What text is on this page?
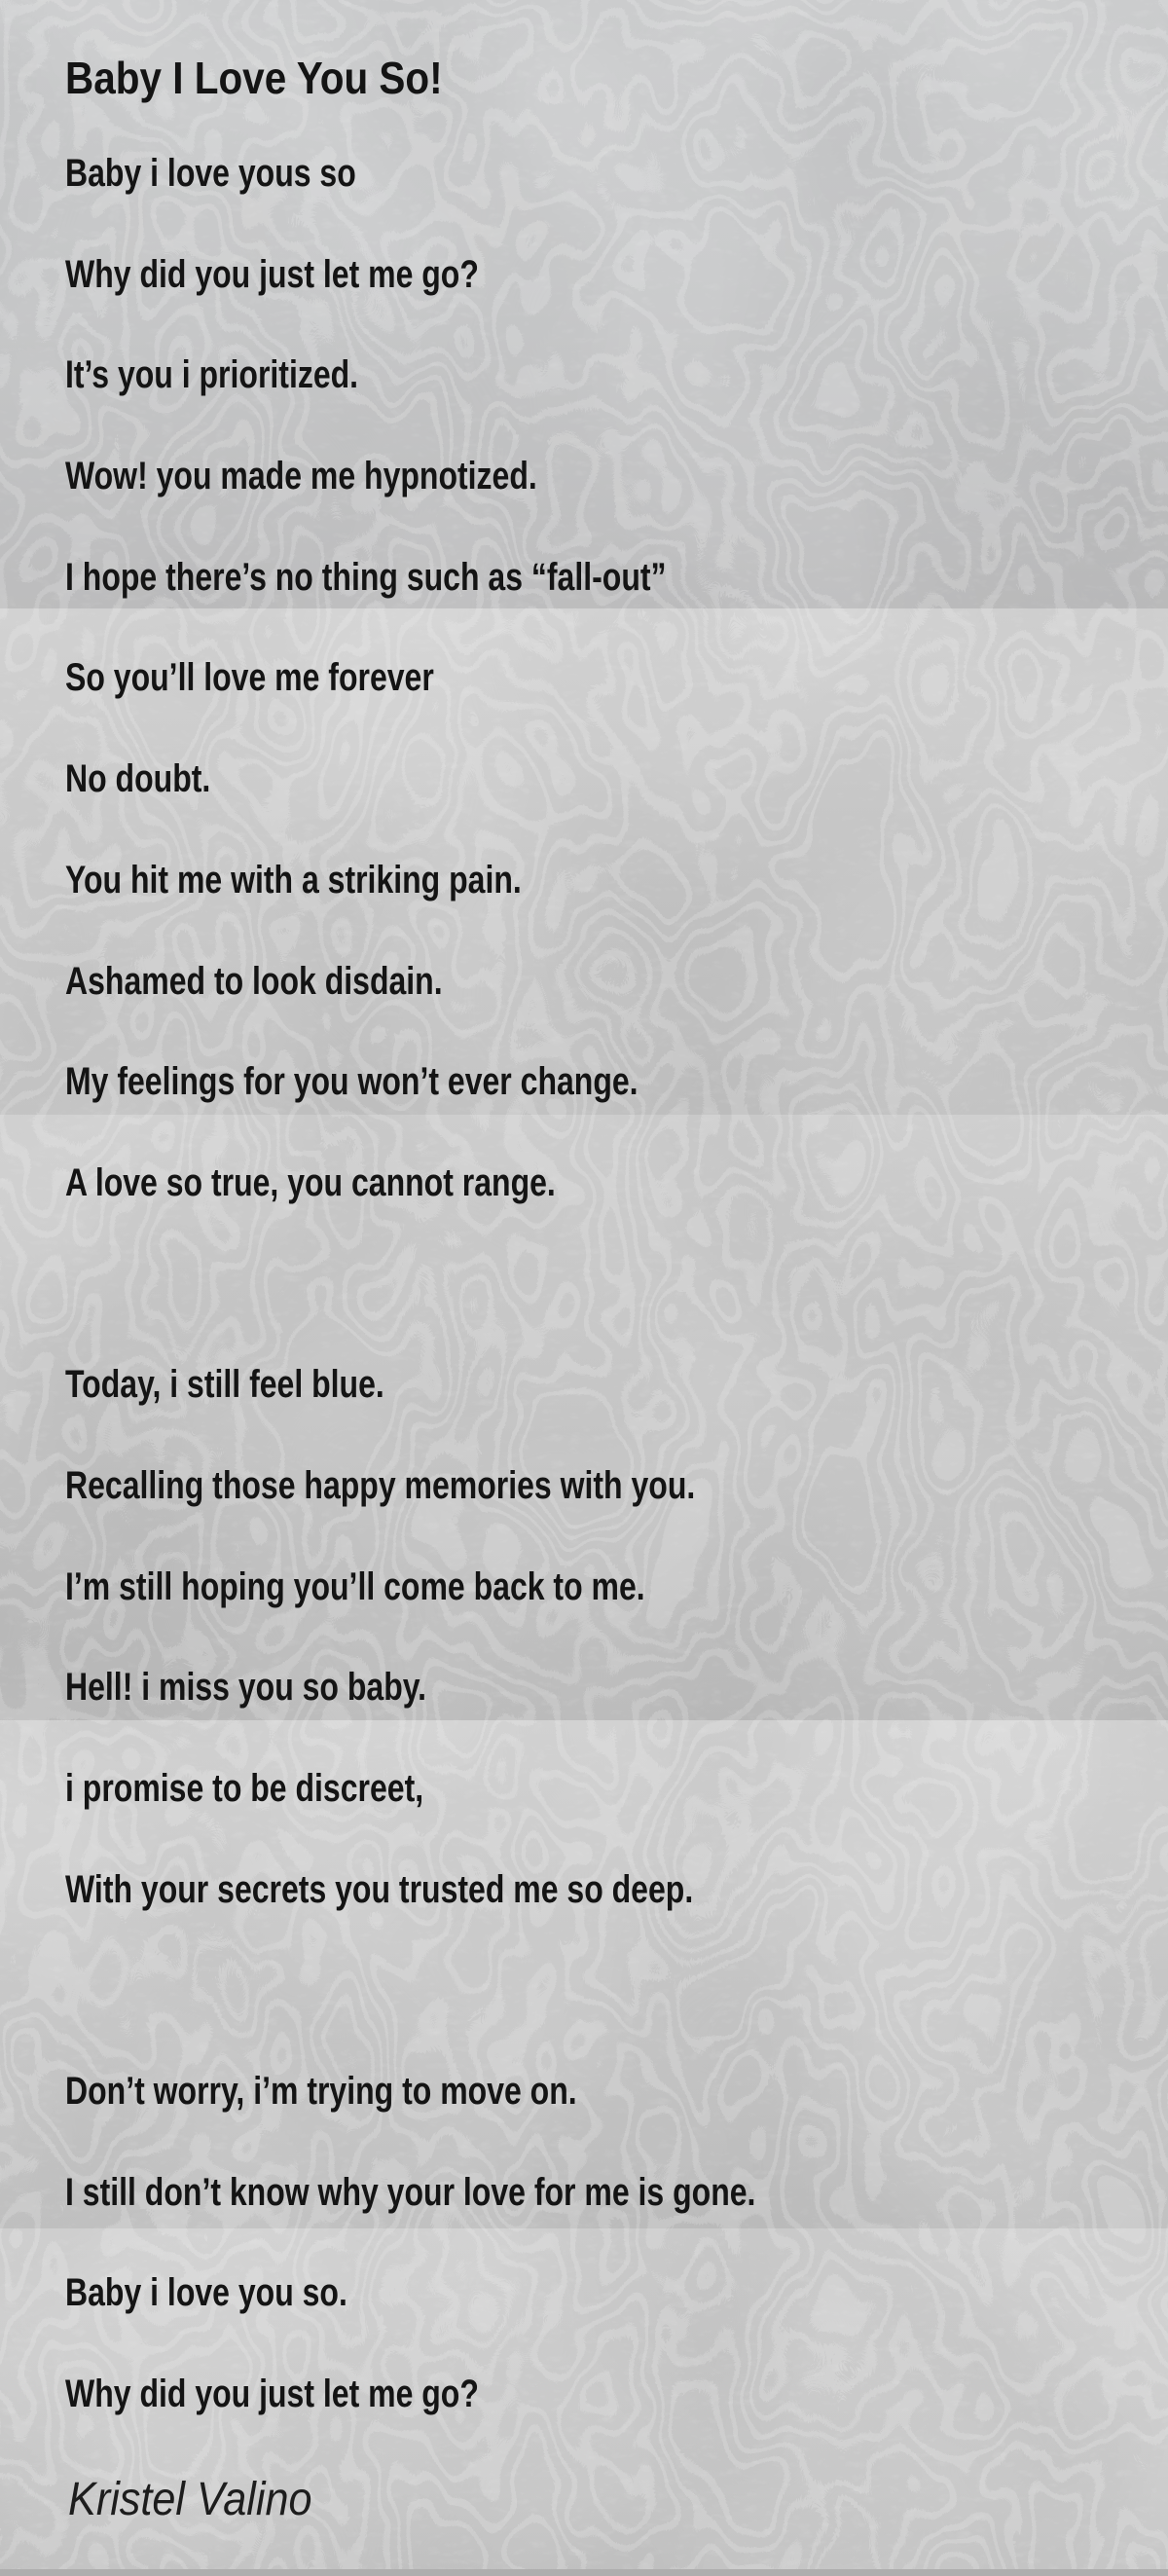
Baby I Love You So!

Baby i love yous so

Why did you just let me go?

It’s you i prioritized.

Wow! you made me hypnotized.

I hope there’s no thing such as “fall-out”

So you’ll love me forever

No doubt.

You hit me with a striking pain.

Ashamed to look disdain.

My feelings for you won’t ever change.

A love so true, you cannot range.

Today, i still feel blue.

Recalling those happy memories with you.

I’m still hoping you’ll come back to me.

Hell! i miss you so baby.

i promise to be discreet,

With your secrets you trusted me so deep.

Don’t worry, i’m trying to move on.

I still don’t know why your love for me is gone.

Baby i love you so.

Why did you just let me go?

Kristel Valino
